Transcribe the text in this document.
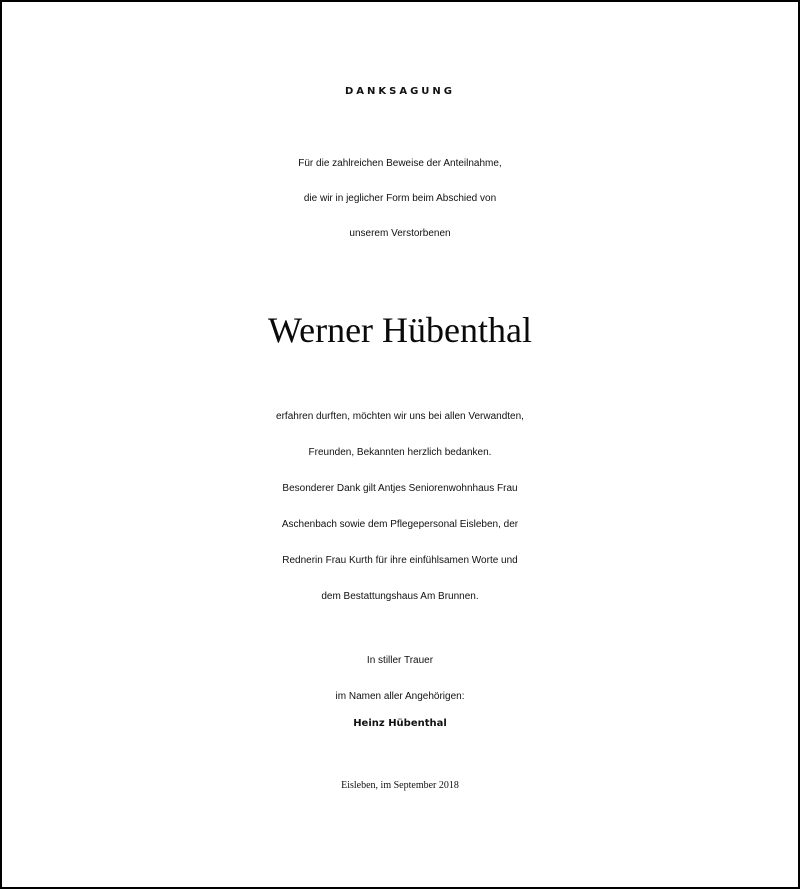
DANKSAGUNG
Für die zahlreichen Beweise der Anteilnahme,
die wir in jeglicher Form beim Abschied von
unserem Verstorbenen
Werner Hübenthal
erfahren durften, möchten wir uns bei allen Verwandten,
Freunden, Bekannten herzlich bedanken.
Besonderer Dank gilt Antjes Seniorenwohnhaus Frau
Aschenbach sowie dem Pflegepersonal Eisleben, der
Rednerin Frau Kurth für ihre einfühlsamen Worte und
dem Bestattungshaus Am Brunnen.
In stiller Trauer
im Namen aller Angehörigen:
Heinz Hübenthal
Eisleben, im September 2018
